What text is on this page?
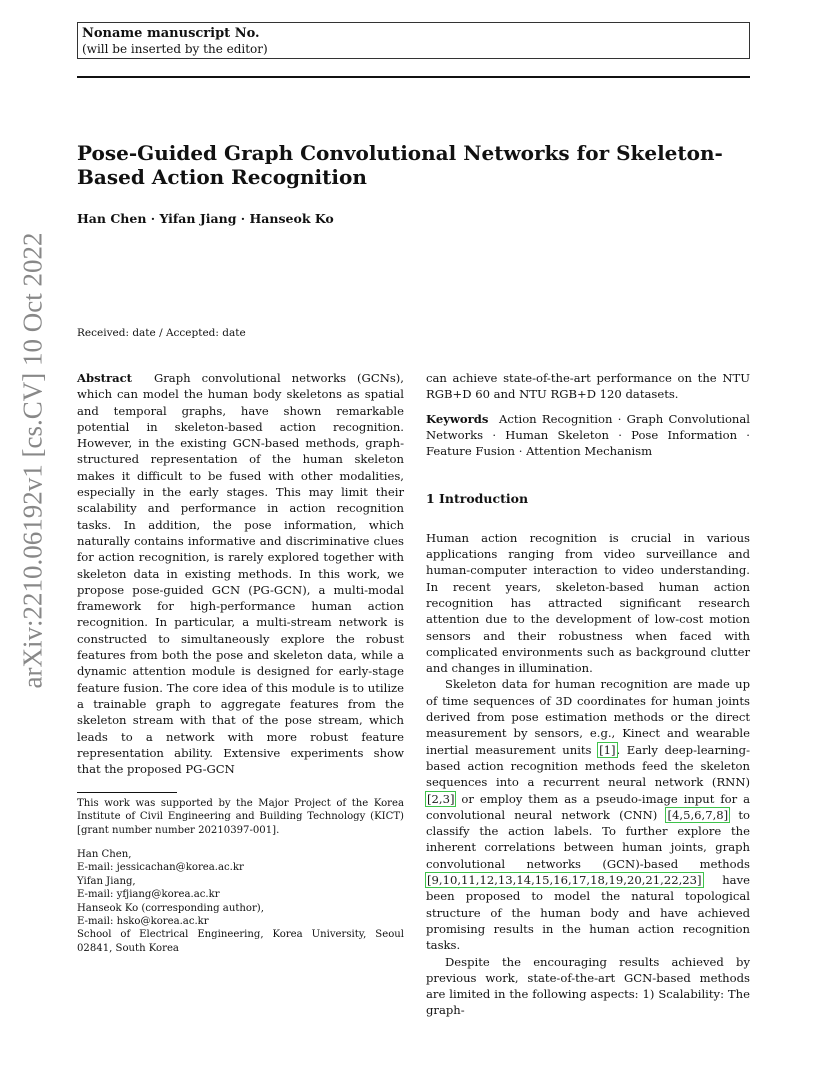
Noname manuscript No.
(will be inserted by the editor)
Pose-Guided Graph Convolutional Networks for Skeleton-Based Action Recognition
Han Chen · Yifan Jiang · Hanseok Ko
arXiv:2210.06192v1 [cs.CV] 10 Oct 2022	Received: date / Accepted: date

Abstract Graph convolutional networks (GCNs), which can model the human body skeletons as spatial and temporal graphs, have shown remarkable potential in skeleton-based action recognition. However, in the existing GCN-based methods, graph-structured representation of the human skeleton makes it difficult to be fused with other modalities, especially in the early stages. This may limit their scalability and performance in action recognition tasks. In addition, the pose information, which naturally contains informative and discriminative clues for action recognition, is rarely explored together with skeleton data in existing methods. In this work, we propose pose-guided GCN (PG-GCN), a multi-modal framework for high-performance human action recognition. In particular, a multi-stream network is constructed to simultaneously explore the robust features from both the pose and skeleton data, while a dynamic attention module is designed for early-stage feature fusion. The core idea of this module is to utilize a trainable graph to aggregate features from the skeleton stream with that of the pose stream, which leads to a network with more robust feature representation ability. Extensive experiments show that the proposed PG-GCN

can achieve state-of-the-art performance on the NTU RGB+D 60 and NTU RGB+D 120 datasets.

Keywords Action Recognition · Graph Convolutional Networks · Human Skeleton · Pose Information · Feature Fusion · Attention Mechanism

1 Introduction

Human action recognition is crucial in various applications ranging from video surveillance and human-computer interaction to video understanding. In recent years, skeleton-based human action recognition has attracted significant research attention due to the development of low-cost motion sensors and their robustness when faced with complicated environments such as background clutter and changes in illumination.

Skeleton data for human recognition are made up of time sequences of 3D coordinates for human joints derived from pose estimation methods or the direct measurement by sensors, e.g., Kinect and wearable inertial measurement units [1]. Early deep-learning-based action recognition methods feed the skeleton sequences into a recurrent neural network (RNN) [2,3] or employ them as a pseudo-image input for a convolutional neural network (CNN) [4,5,6,7,8] to classify the action labels. To further explore the inherent correlations between human joints, graph convolutional networks (GCN)-based methods [9,10,11,12,13,14,15,16,17,18,19,20,21,22,23] have been proposed to model the natural topological structure of the human body and have achieved promising results in the human action recognition tasks.

Despite the encouraging results achieved by previous work, state-of-the-art GCN-based methods are limited in the following aspects: 1) Scalability: The graph-

This work was supported by the Major Project of the Korea Institute of Civil Engineering and Building Technology (KICT) [grant number number 20210397-001].
Han Chen,
E-mail: jessicachan@korea.ac.kr
Yifan Jiang,
E-mail: yfjiang@korea.ac.kr
Hanseok Ko (corresponding author),
E-mail: hsko@korea.ac.kr
School of Electrical Engineering, Korea University, Seoul 02841, South Korea
